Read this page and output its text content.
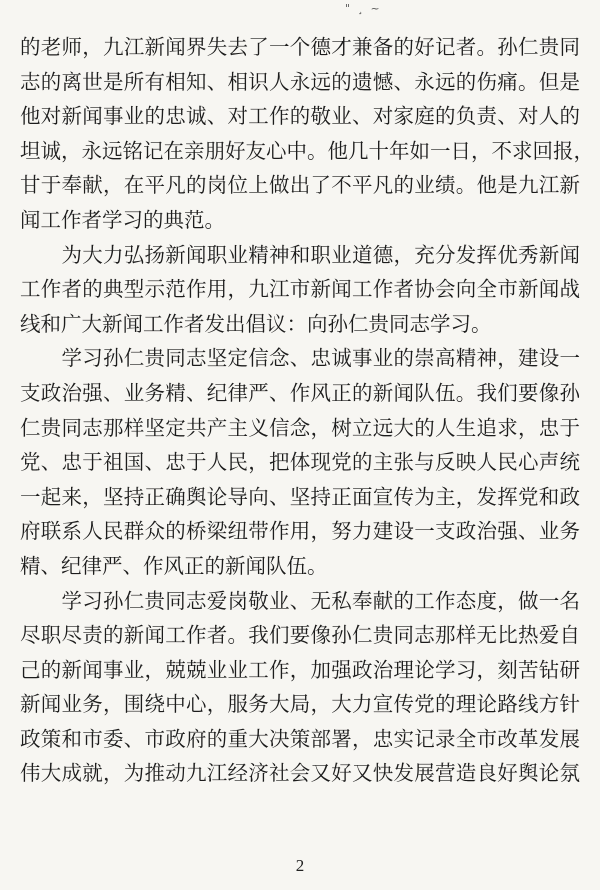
" ¸ ~
的老师，九江新闻界失去了一个德才兼备的好记者。孙仁贵同
志的离世是所有相知、相识人永远的遗憾、永远的伤痛。但是
他对新闻事业的忠诚、对工作的敬业、对家庭的负责、对人的
坦诚，永远铭记在亲朋好友心中。他几十年如一日，不求回报，
甘于奉献，在平凡的岗位上做出了不平凡的业绩。他是九江新
闻工作者学习的典范。
　　为大力弘扬新闻职业精神和职业道德，充分发挥优秀新闻
工作者的典型示范作用，九江市新闻工作者协会向全市新闻战
线和广大新闻工作者发出倡议：向孙仁贵同志学习。
　　学习孙仁贵同志坚定信念、忠诚事业的崇高精神，建设一
支政治强、业务精、纪律严、作风正的新闻队伍。我们要像孙
仁贵同志那样坚定共产主义信念，树立远大的人生追求，忠于
党、忠于祖国、忠于人民，把体现党的主张与反映人民心声统
一起来，坚持正确舆论导向、坚持正面宣传为主，发挥党和政
府联系人民群众的桥梁纽带作用，努力建设一支政治强、业务
精、纪律严、作风正的新闻队伍。
　　学习孙仁贵同志爱岗敬业、无私奉献的工作态度，做一名
尽职尽责的新闻工作者。我们要像孙仁贵同志那样无比热爱自
己的新闻事业，兢兢业业工作，加强政治理论学习，刻苦钻研
新闻业务，围绕中心，服务大局，大力宣传党的理论路线方针
政策和市委、市政府的重大决策部署，忠实记录全市改革发展
伟大成就，为推动九江经济社会又好又快发展营造良好舆论氛
2
